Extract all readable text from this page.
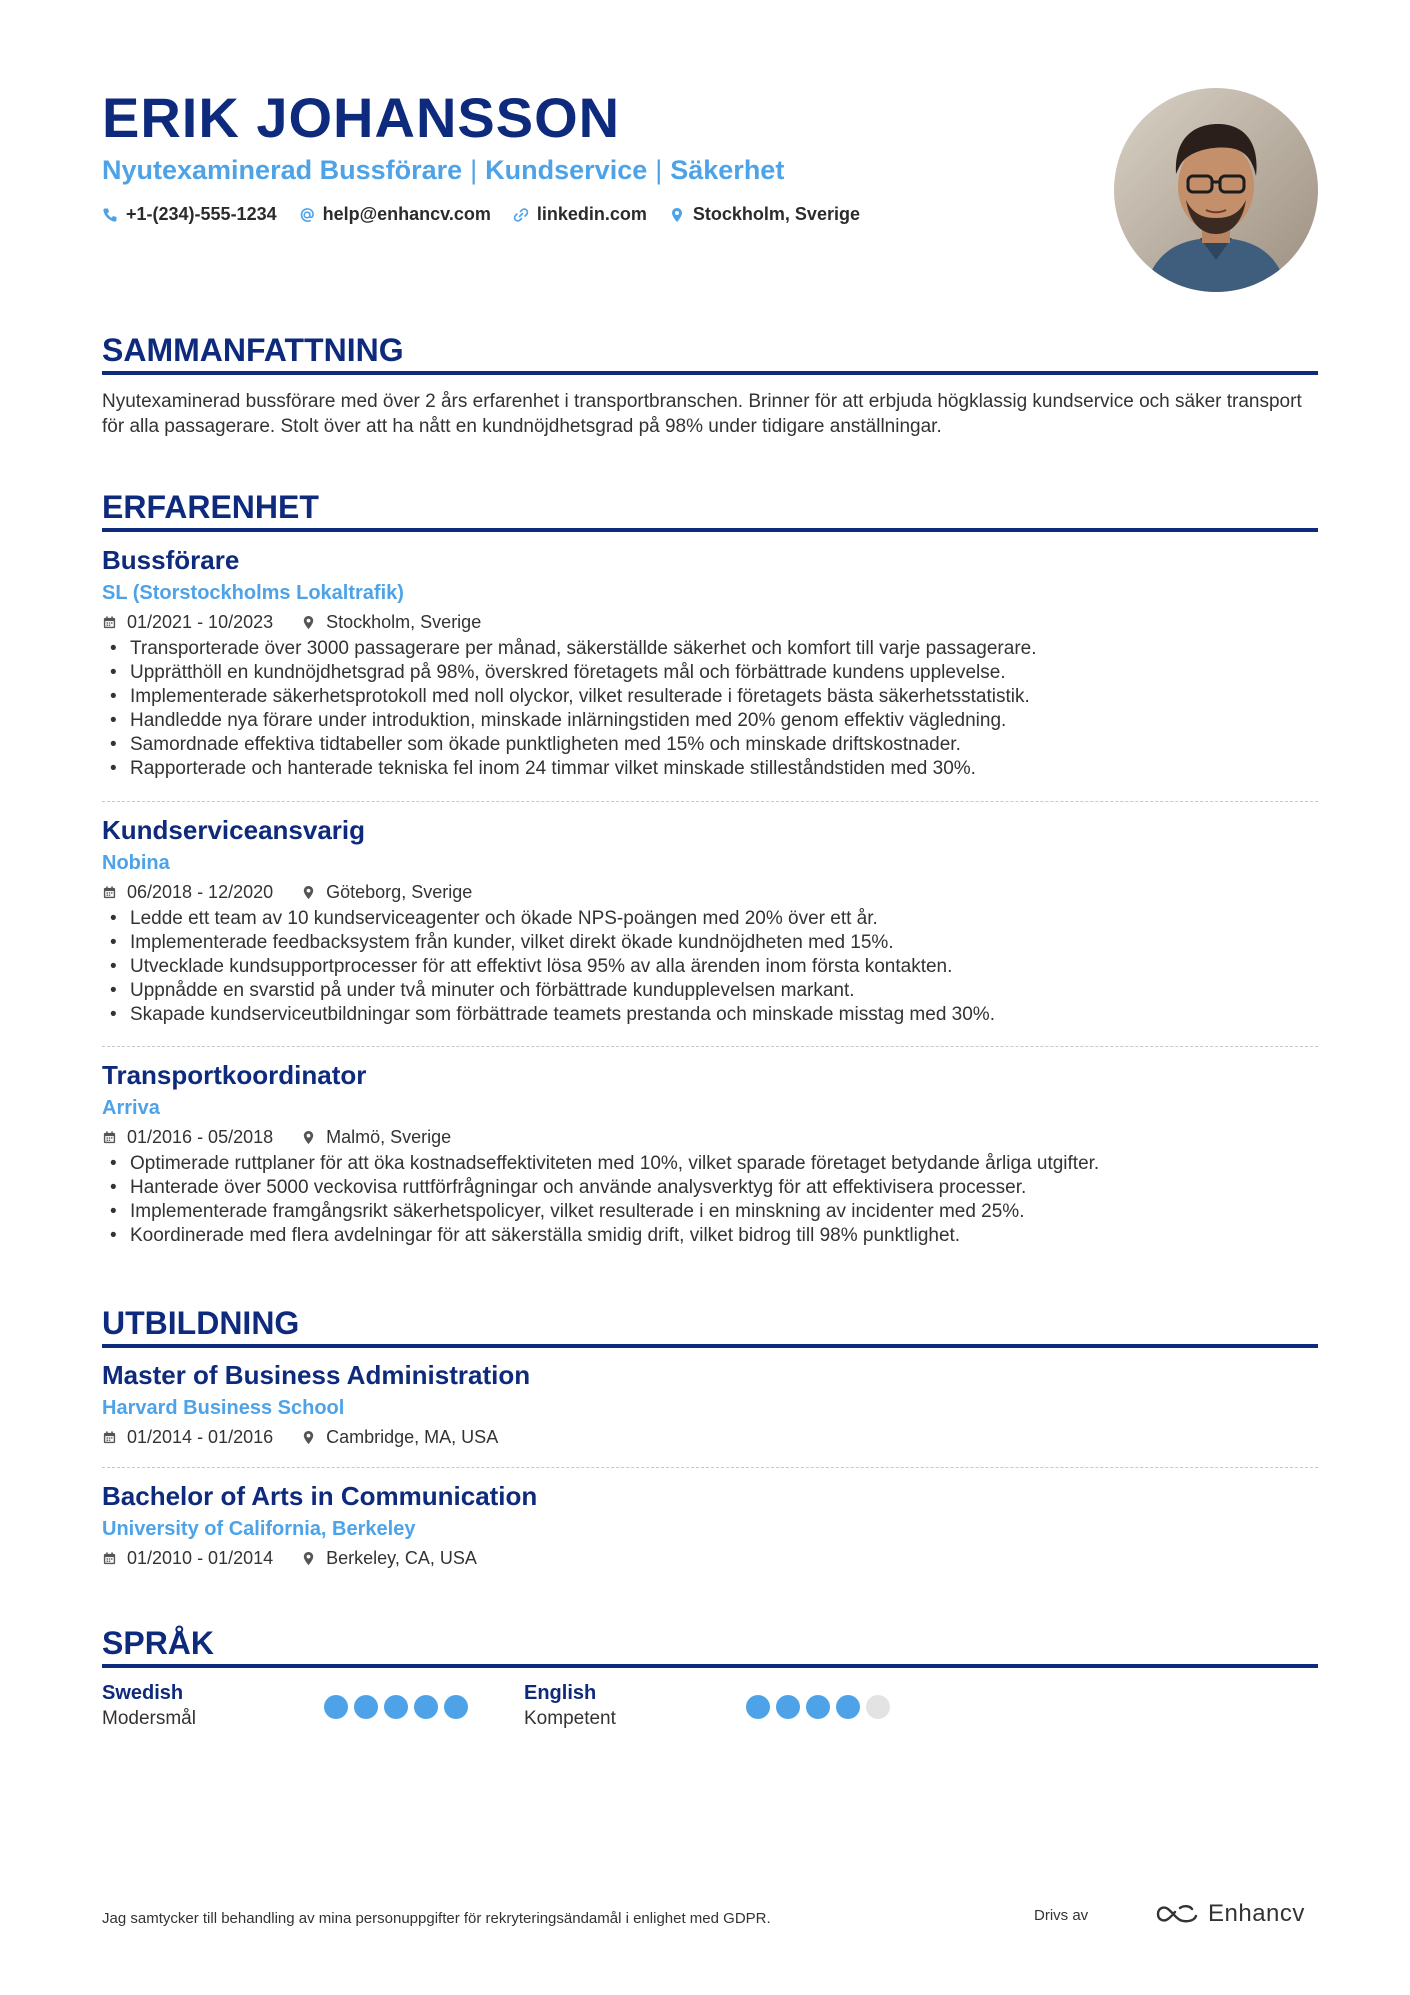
ERIK JOHANSSON
Nyutexaminerad Bussförare | Kundservice | Säkerhet
+1-(234)-555-1234	help@enhancv.com	linkedin.com	Stockholm, Sverige
SAMMANFATTNING

Nyutexaminerad bussförare med över 2 års erfarenhet i transportbranschen. Brinner för att erbjuda högklassig kundservice och säker transport för alla passagerare. Stolt över att ha nått en kundnöjdhetsgrad på 98% under tidigare anställningar.

ERFARENHET
Bussförare
SL (Storstockholms Lokaltrafik)
01/2021 - 10/2023	Stockholm, Sverige
• Transporterade över 3000 passagerare per månad, säkerställde säkerhet och komfort till varje passagerare.
• Upprätthöll en kundnöjdhetsgrad på 98%, överskred företagets mål och förbättrade kundens upplevelse.
• Implementerade säkerhetsprotokoll med noll olyckor, vilket resulterade i företagets bästa säkerhetsstatistik.
• Handledde nya förare under introduktion, minskade inlärningstiden med 20% genom effektiv vägledning.
• Samordnade effektiva tidtabeller som ökade punktligheten med 15% och minskade driftskostnader.
• Rapporterade och hanterade tekniska fel inom 24 timmar vilket minskade stilleståndstiden med 30%.
Kundserviceansvarig
Nobina
06/2018 - 12/2020	Göteborg, Sverige
• Ledde ett team av 10 kundserviceagenter och ökade NPS-poängen med 20% över ett år.
• Implementerade feedbacksystem från kunder, vilket direkt ökade kundnöjdheten med 15%.
• Utvecklade kundsupportprocesser för att effektivt lösa 95% av alla ärenden inom första kontakten.
• Uppnådde en svarstid på under två minuter och förbättrade kundupplevelsen markant.
• Skapade kundserviceutbildningar som förbättrade teamets prestanda och minskade misstag med 30%.
Transportkoordinator
Arriva
01/2016 - 05/2018	Malmö, Sverige
• Optimerade ruttplaner för att öka kostnadseffektiviteten med 10%, vilket sparade företaget betydande årliga utgifter.
• Hanterade över 5000 veckovisa ruttförfrågningar och använde analysverktyg för att effektivisera processer.
• Implementerade framgångsrikt säkerhetspolicyer, vilket resulterade i en minskning av incidenter med 25%.
• Koordinerade med flera avdelningar för att säkerställa smidig drift, vilket bidrog till 98% punktlighet.
UTBILDNING
Master of Business Administration
Harvard Business School
01/2014 - 01/2016	Cambridge, MA, USA
Bachelor of Arts in Communication
University of California, Berkeley
01/2010 - 01/2014	Berkeley, CA, USA
SPRÅK
Swedish
Modersmål
English
Kompetent
Jag samtycker till behandling av mina personuppgifter för rekryteringsändamål i enlighet med GDPR.	Drivs av	Enhancv
